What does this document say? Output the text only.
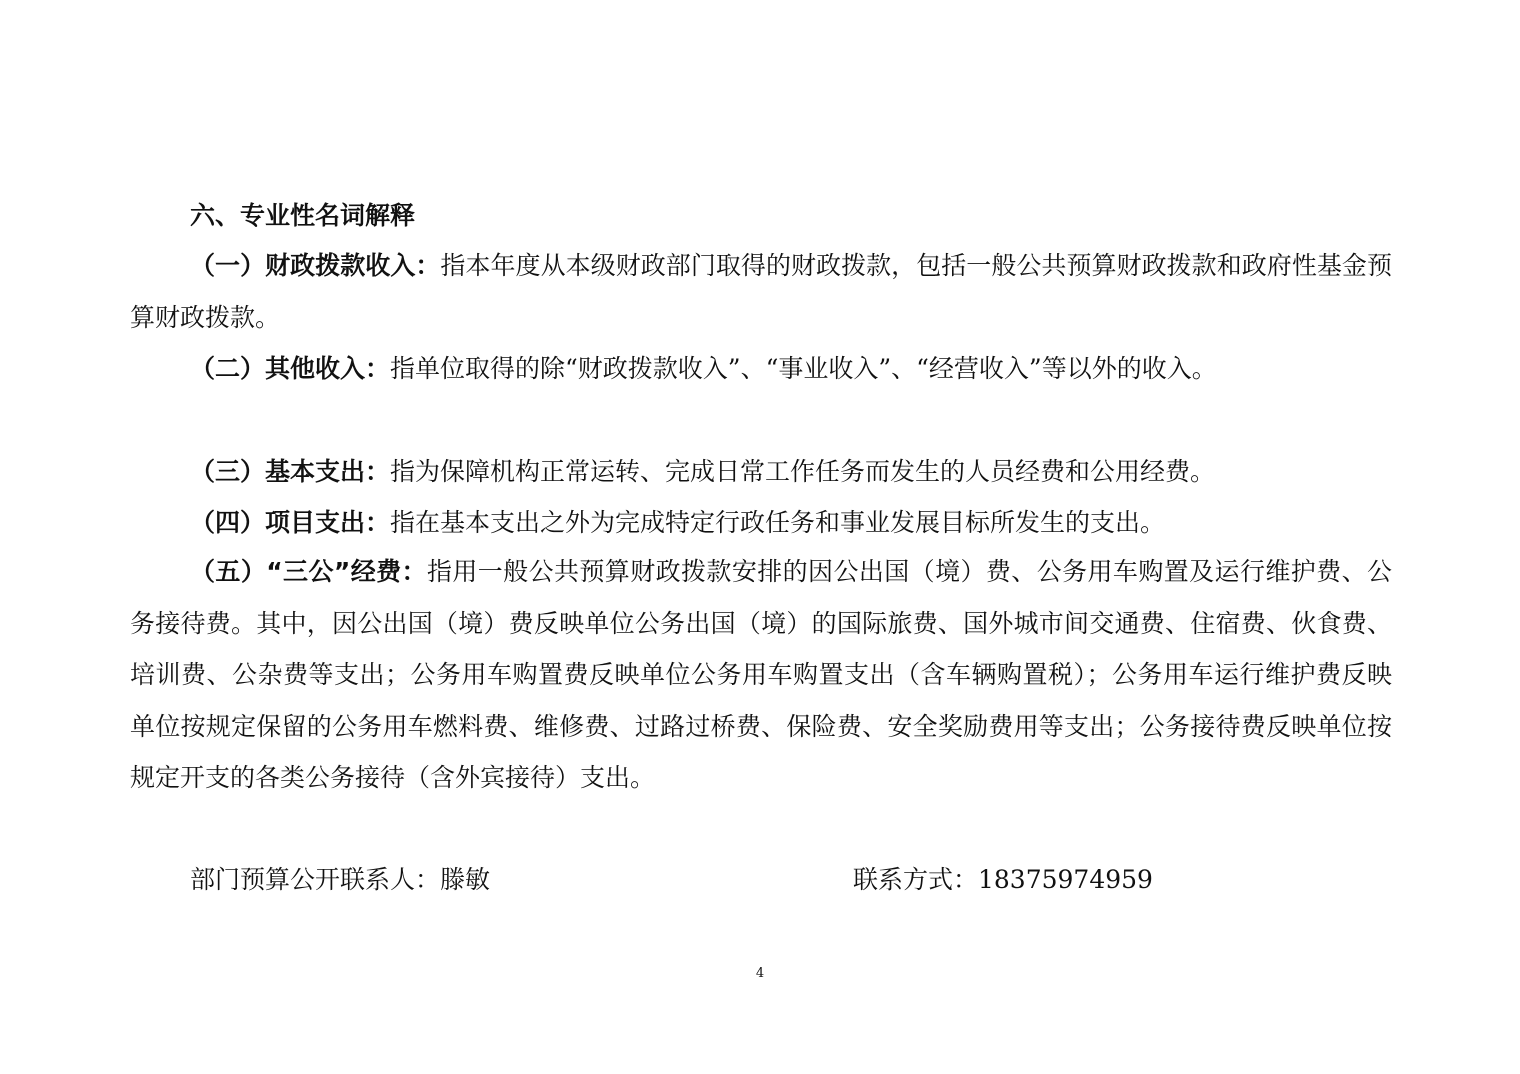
六、专业性名词解释

（一）财政拨款收入：指本年度从本级财政部门取得的财政拨款，包括一般公共预算财政拨款和政府性基金预算财政拨款。

（二）其他收入：指单位取得的除“财政拨款收入”、“事业收入”、“经营收入”等以外的收入。

（三）基本支出：指为保障机构正常运转、完成日常工作任务而发生的人员经费和公用经费。

（四）项目支出：指在基本支出之外为完成特定行政任务和事业发展目标所发生的支出。

（五）“三公”经费：指用一般公共预算财政拨款安排的因公出国（境）费、公务用车购置及运行维护费、公务接待费。其中，因公出国（境）费反映单位公务出国（境）的国际旅费、国外城市间交通费、住宿费、伙食费、培训费、公杂费等支出；公务用车购置费反映单位公务用车购置支出（含车辆购置税）；公务用车运行维护费反映单位按规定保留的公务用车燃料费、维修费、过路过桥费、保险费、安全奖励费用等支出；公务接待费反映单位按规定开支的各类公务接待（含外宾接待）支出。

部门预算公开联系人：滕敏	联系方式：18375974959
4
